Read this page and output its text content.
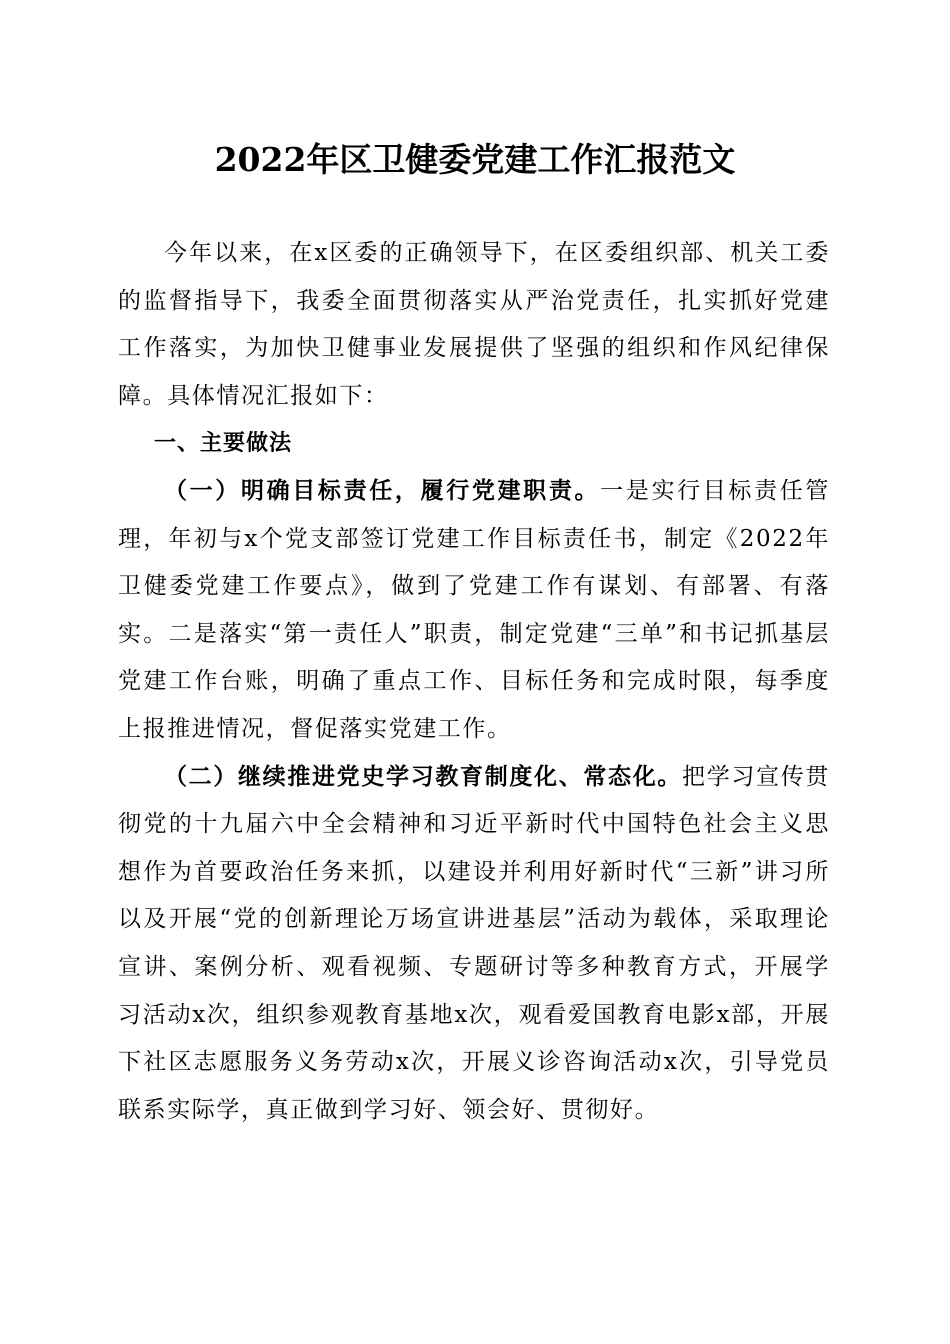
2022年区卫健委党建工作汇报范文

今年以来，在x区委的正确领导下，在区委组织部、机关工委的监督指导下，我委全面贯彻落实从严治党责任，扎实抓好党建工作落实，为加快卫健事业发展提供了坚强的组织和作风纪律保障。具体情况汇报如下：

一、主要做法

（一）明确目标责任，履行党建职责。一是实行目标责任管理，年初与x个党支部签订党建工作目标责任书，制定《2022年卫健委党建工作要点》，做到了党建工作有谋划、有部署、有落实。二是落实“第一责任人”职责，制定党建“三单”和书记抓基层党建工作台账，明确了重点工作、目标任务和完成时限，每季度上报推进情况，督促落实党建工作。

（二）继续推进党史学习教育制度化、常态化。把学习宣传贯彻党的十九届六中全会精神和习近平新时代中国特色社会主义思想作为首要政治任务来抓，以建设并利用好新时代“三新”讲习所以及开展“党的创新理论万场宣讲进基层”活动为载体，采取理论宣讲、案例分析、观看视频、专题研讨等多种教育方式，开展学习活动x次，组织参观教育基地x次，观看爱国教育电影x部，开展下社区志愿服务义务劳动x次，开展义诊咨询活动x次，引导党员联系实际学，真正做到学习好、领会好、贯彻好。
